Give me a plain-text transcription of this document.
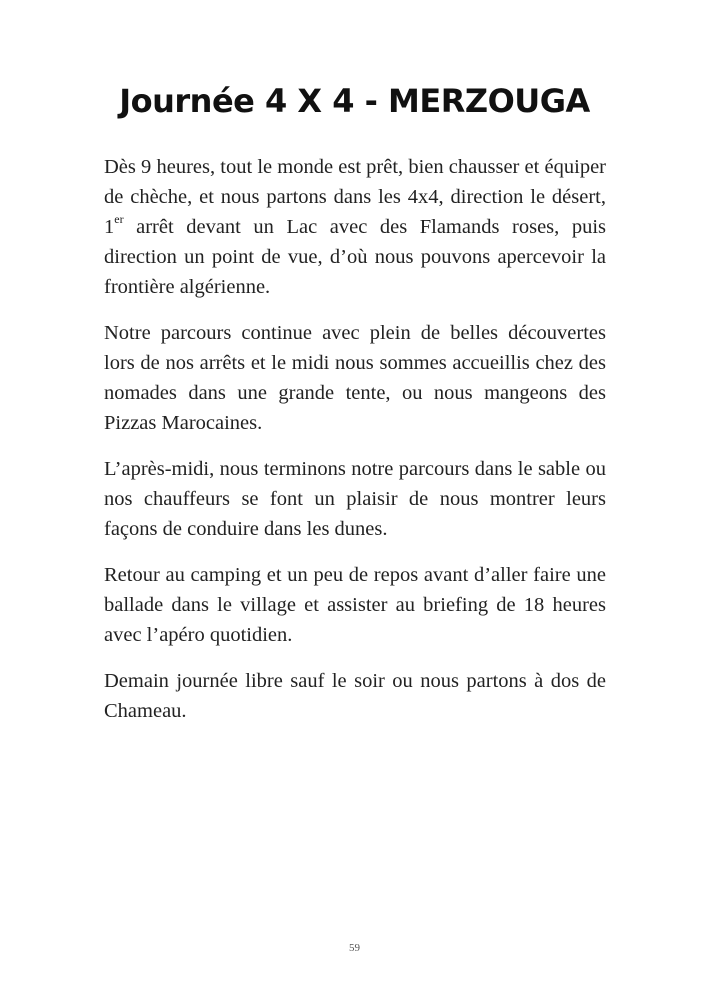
Journée 4 X 4 - MERZOUGA

Dès 9 heures, tout le monde est prêt, bien chausser et équiper de chèche, et nous partons dans les 4x4, direction le désert, 1er arrêt devant un Lac avec des Flamands roses, puis direction un point de vue, d’où nous pouvons apercevoir la frontière algérienne.

Notre parcours continue avec plein de belles découvertes lors de nos arrêts et le midi nous sommes accueillis chez des nomades dans une grande tente, ou nous mangeons des Pizzas Marocaines.

L’après-midi, nous terminons notre parcours dans le sable ou nos chauffeurs se font un plaisir de nous montrer leurs façons de conduire dans les dunes.

Retour au camping et un peu de repos avant d’aller faire une ballade dans le village et assister au briefing de 18 heures avec l’apéro quotidien.

Demain journée libre sauf le soir ou nous partons à dos de Chameau.

59
